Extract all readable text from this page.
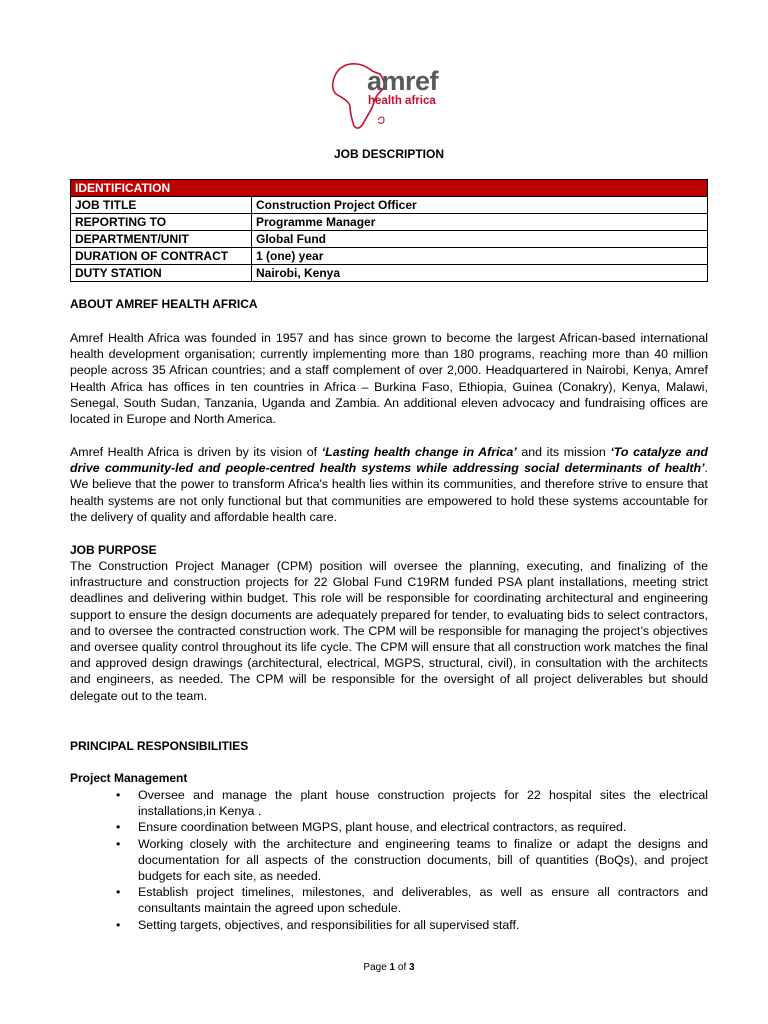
amref
health africa
JOB DESCRIPTION
IDENTIFICATION	
JOB TITLE	Construction Project Officer
REPORTING TO	Programme Manager
DEPARTMENT/UNIT	Global Fund
DURATION OF CONTRACT	1 (one) year
DUTY STATION	Nairobi, Kenya
ABOUT AMREF HEALTH AFRICA
Amref Health Africa was founded in 1957 and has since grown to become the largest African-based international health development organisation; currently implementing more than 180 programs, reaching more than 40 million people across 35 African countries; and a staff complement of over 2,000. Headquartered in Nairobi, Kenya, Amref Health Africa has offices in ten countries in Africa – Burkina Faso, Ethiopia, Guinea (Conakry), Kenya, Malawi, Senegal, South Sudan, Tanzania, Uganda and Zambia. An additional eleven advocacy and fundraising offices are located in Europe and North America.
Amref Health Africa is driven by its vision of ‘Lasting health change in Africa’ and its mission ‘To catalyze and drive community-led and people-centred health systems while addressing social determinants of health’. We believe that the power to transform Africa's health lies within its communities, and therefore strive to ensure that health systems are not only functional but that communities are empowered to hold these systems accountable for the delivery of quality and affordable health care.
JOB PURPOSE
The Construction Project Manager (CPM) position will oversee the planning, executing, and finalizing of the infrastructure and construction projects for 22 Global Fund C19RM funded PSA plant installations, meeting strict deadlines and delivering within budget. This role will be responsible for coordinating architectural and engineering support to ensure the design documents are adequately prepared for tender, to evaluating bids to select contractors, and to oversee the contracted construction work. The CPM will be responsible for managing the project’s objectives and oversee quality control throughout its life cycle. The CPM will ensure that all construction work matches the final and approved design drawings (architectural, electrical, MGPS, structural, civil), in consultation with the architects and engineers, as needed. The CPM will be responsible for the oversight of all project deliverables but should delegate out to the team.
PRINCIPAL RESPONSIBILITIES
Project Management
• Oversee and manage the plant house construction projects for 22 hospital sites the electrical installations,in Kenya .
• Ensure coordination between MGPS, plant house, and electrical contractors, as required.
• Working closely with the architecture and engineering teams to finalize or adapt the designs and documentation for all aspects of the construction documents, bill of quantities (BoQs), and project budgets for each site, as needed.
• Establish project timelines, milestones, and deliverables, as well as ensure all contractors and consultants maintain the agreed upon schedule.
• Setting targets, objectives, and responsibilities for all supervised staff.
Page 1 of 3
